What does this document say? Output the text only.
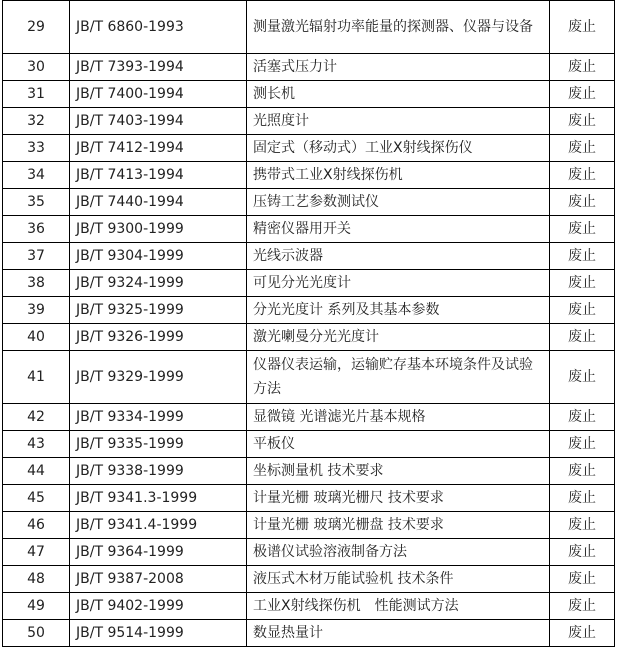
29	JB/T 6860-1993	测量激光辐射功率能量的探测器、仪器与设备	废止
30	JB/T 7393-1994	活塞式压力计	废止
31	JB/T 7400-1994	测长机	废止
32	JB/T 7403-1994	光照度计	废止
33	JB/T 7412-1994	固定式（移动式）工业X射线探伤仪	废止
34	JB/T 7413-1994	携带式工业X射线探伤机	废止
35	JB/T 7440-1994	压铸工艺参数测试仪	废止
36	JB/T 9300-1999	精密仪器用开关	废止
37	JB/T 9304-1999	光线示波器	废止
38	JB/T 9324-1999	可见分光光度计	废止
39	JB/T 9325-1999	分光光度计 系列及其基本参数	废止
40	JB/T 9326-1999	激光喇曼分光光度计	废止
41	JB/T 9329-1999	仪器仪表运输，运输贮存基本环境条件及试验方法	废止
42	JB/T 9334-1999	显微镜 光谱滤光片基本规格	废止
43	JB/T 9335-1999	平板仪	废止
44	JB/T 9338-1999	坐标测量机 技术要求	废止
45	JB/T 9341.3-1999	计量光栅 玻璃光栅尺 技术要求	废止
46	JB/T 9341.4-1999	计量光栅 玻璃光栅盘 技术要求	废止
47	JB/T 9364-1999	极谱仪试验溶液制备方法	废止
48	JB/T 9387-2008	液压式木材万能试验机 技术条件	废止
49	JB/T 9402-1999	工业X射线探伤机　性能测试方法	废止
50	JB/T 9514-1999	数显热量计	废止
